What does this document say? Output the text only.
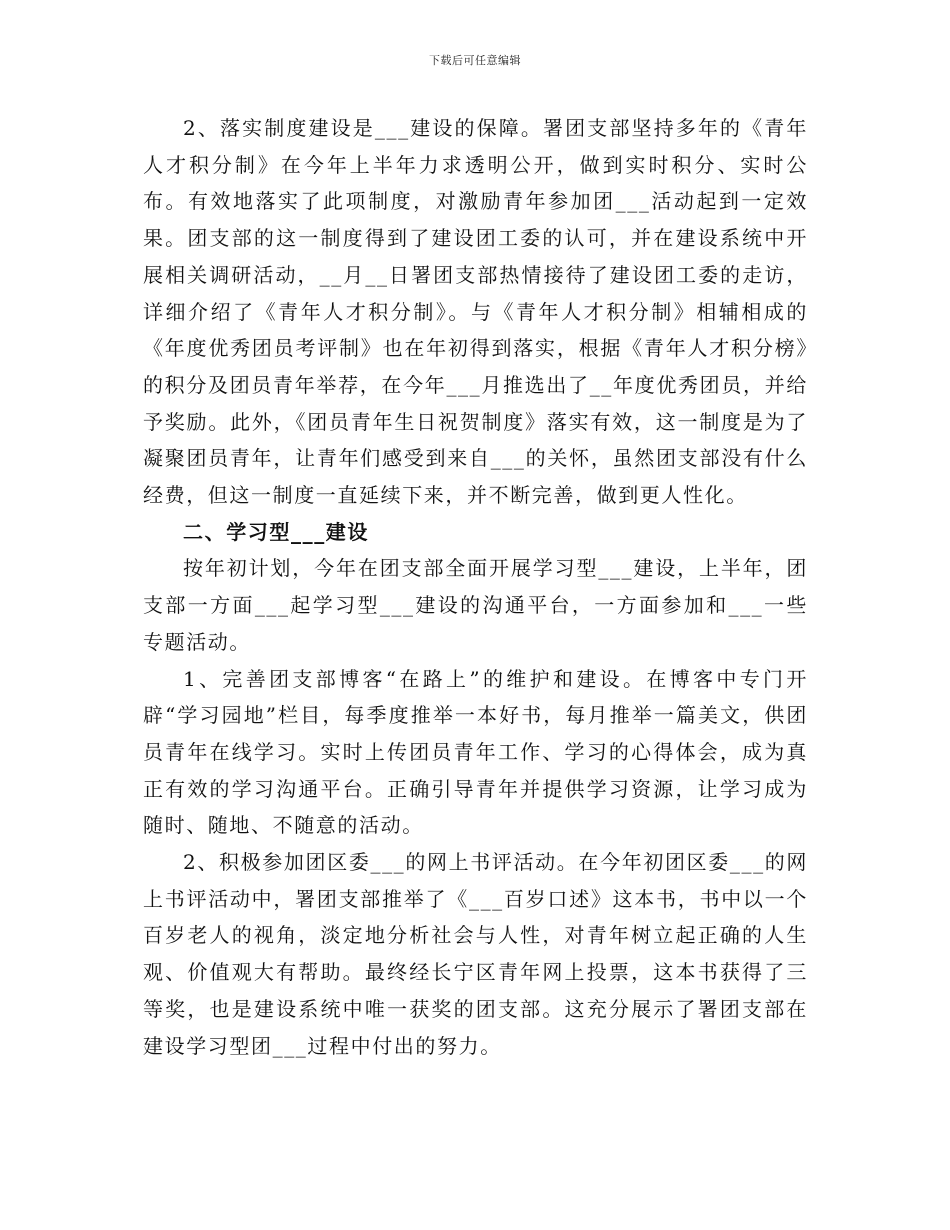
下载后可任意编辑

2、落实制度建设是___建设的保障。署团支部坚持多年的《青年人才积分制》在今年上半年力求透明公开，做到实时积分、实时公布。有效地落实了此项制度，对激励青年参加团___活动起到一定效果。团支部的这一制度得到了建设团工委的认可，并在建设系统中开展相关调研活动，__月__日署团支部热情接待了建设团工委的走访，详细介绍了《青年人才积分制》。与《青年人才积分制》相辅相成的《年度优秀团员考评制》也在年初得到落实，根据《青年人才积分榜》的积分及团员青年举荐，在今年___月推选出了__年度优秀团员，并给予奖励。此外，《团员青年生日祝贺制度》落实有效，这一制度是为了凝聚团员青年，让青年们感受到来自___的关怀，虽然团支部没有什么经费，但这一制度一直延续下来，并不断完善，做到更人性化。

二、学习型___建设

按年初计划，今年在团支部全面开展学习型___建设，上半年，团支部一方面___起学习型___建设的沟通平台，一方面参加和___一些专题活动。

1、完善团支部博客“在路上”的维护和建设。在博客中专门开辟“学习园地”栏目，每季度推举一本好书，每月推举一篇美文，供团员青年在线学习。实时上传团员青年工作、学习的心得体会，成为真正有效的学习沟通平台。正确引导青年并提供学习资源，让学习成为随时、随地、不随意的活动。

2、积极参加团区委___的网上书评活动。在今年初团区委___的网上书评活动中，署团支部推举了《___百岁口述》这本书，书中以一个百岁老人的视角，淡定地分析社会与人性，对青年树立起正确的人生观、价值观大有帮助。最终经长宁区青年网上投票，这本书获得了三等奖，也是建设系统中唯一获奖的团支部。这充分展示了署团支部在建设学习型团___过程中付出的努力。
